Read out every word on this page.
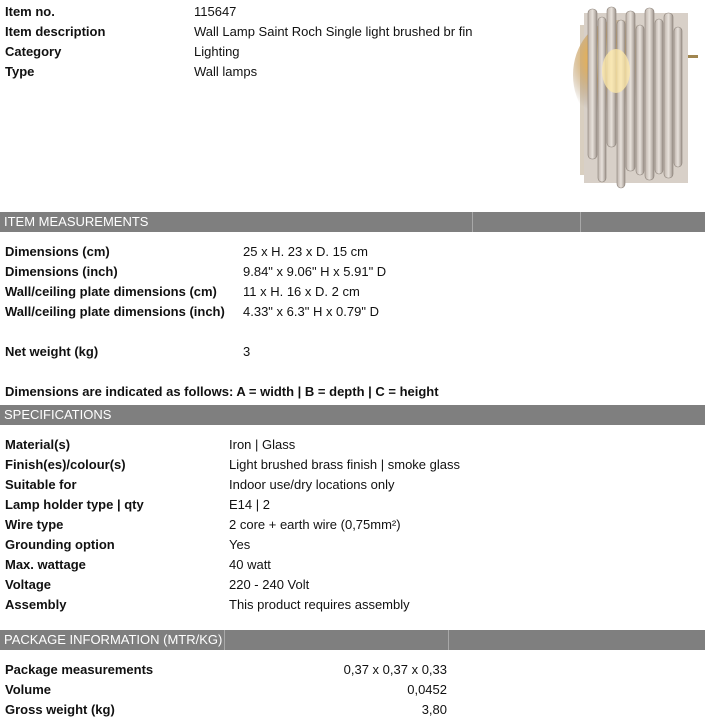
Item no.	115647
Item description	Wall Lamp Saint Roch Single light brushed br fin
Category	Lighting
Type	Wall lamps
ITEM MEASUREMENTS
Dimensions (cm)	25 x H. 23 x D. 15 cm
Dimensions (inch)	9.84" x 9.06" H x 5.91" D
Wall/ceiling plate dimensions (cm) 11 x H. 16 x D. 2 cm
Wall/ceiling plate dimensions (inch) 4.33" x 6.3" H x 0.79" D
Net weight (kg)	3
Dimensions are indicated as follows: A = width | B = depth | C = height
SPECIFICATIONS
Material(s)	Iron | Glass
Finish(es)/colour(s)	Light brushed brass finish | smoke glass
Suitable for	Indoor use/dry locations only
Lamp holder type | qty	E14 | 2
Wire type	2 core + earth wire (0,75mm²)
Grounding option	Yes
Max. wattage	40 watt
Voltage	220 - 240 Volt
Assembly	This product requires assembly
PACKAGE INFORMATION (MTR/KG)
Package measurements	0,37 x 0,37 x 0,33
Volume	0,0452
Gross weight (kg)	3,80
